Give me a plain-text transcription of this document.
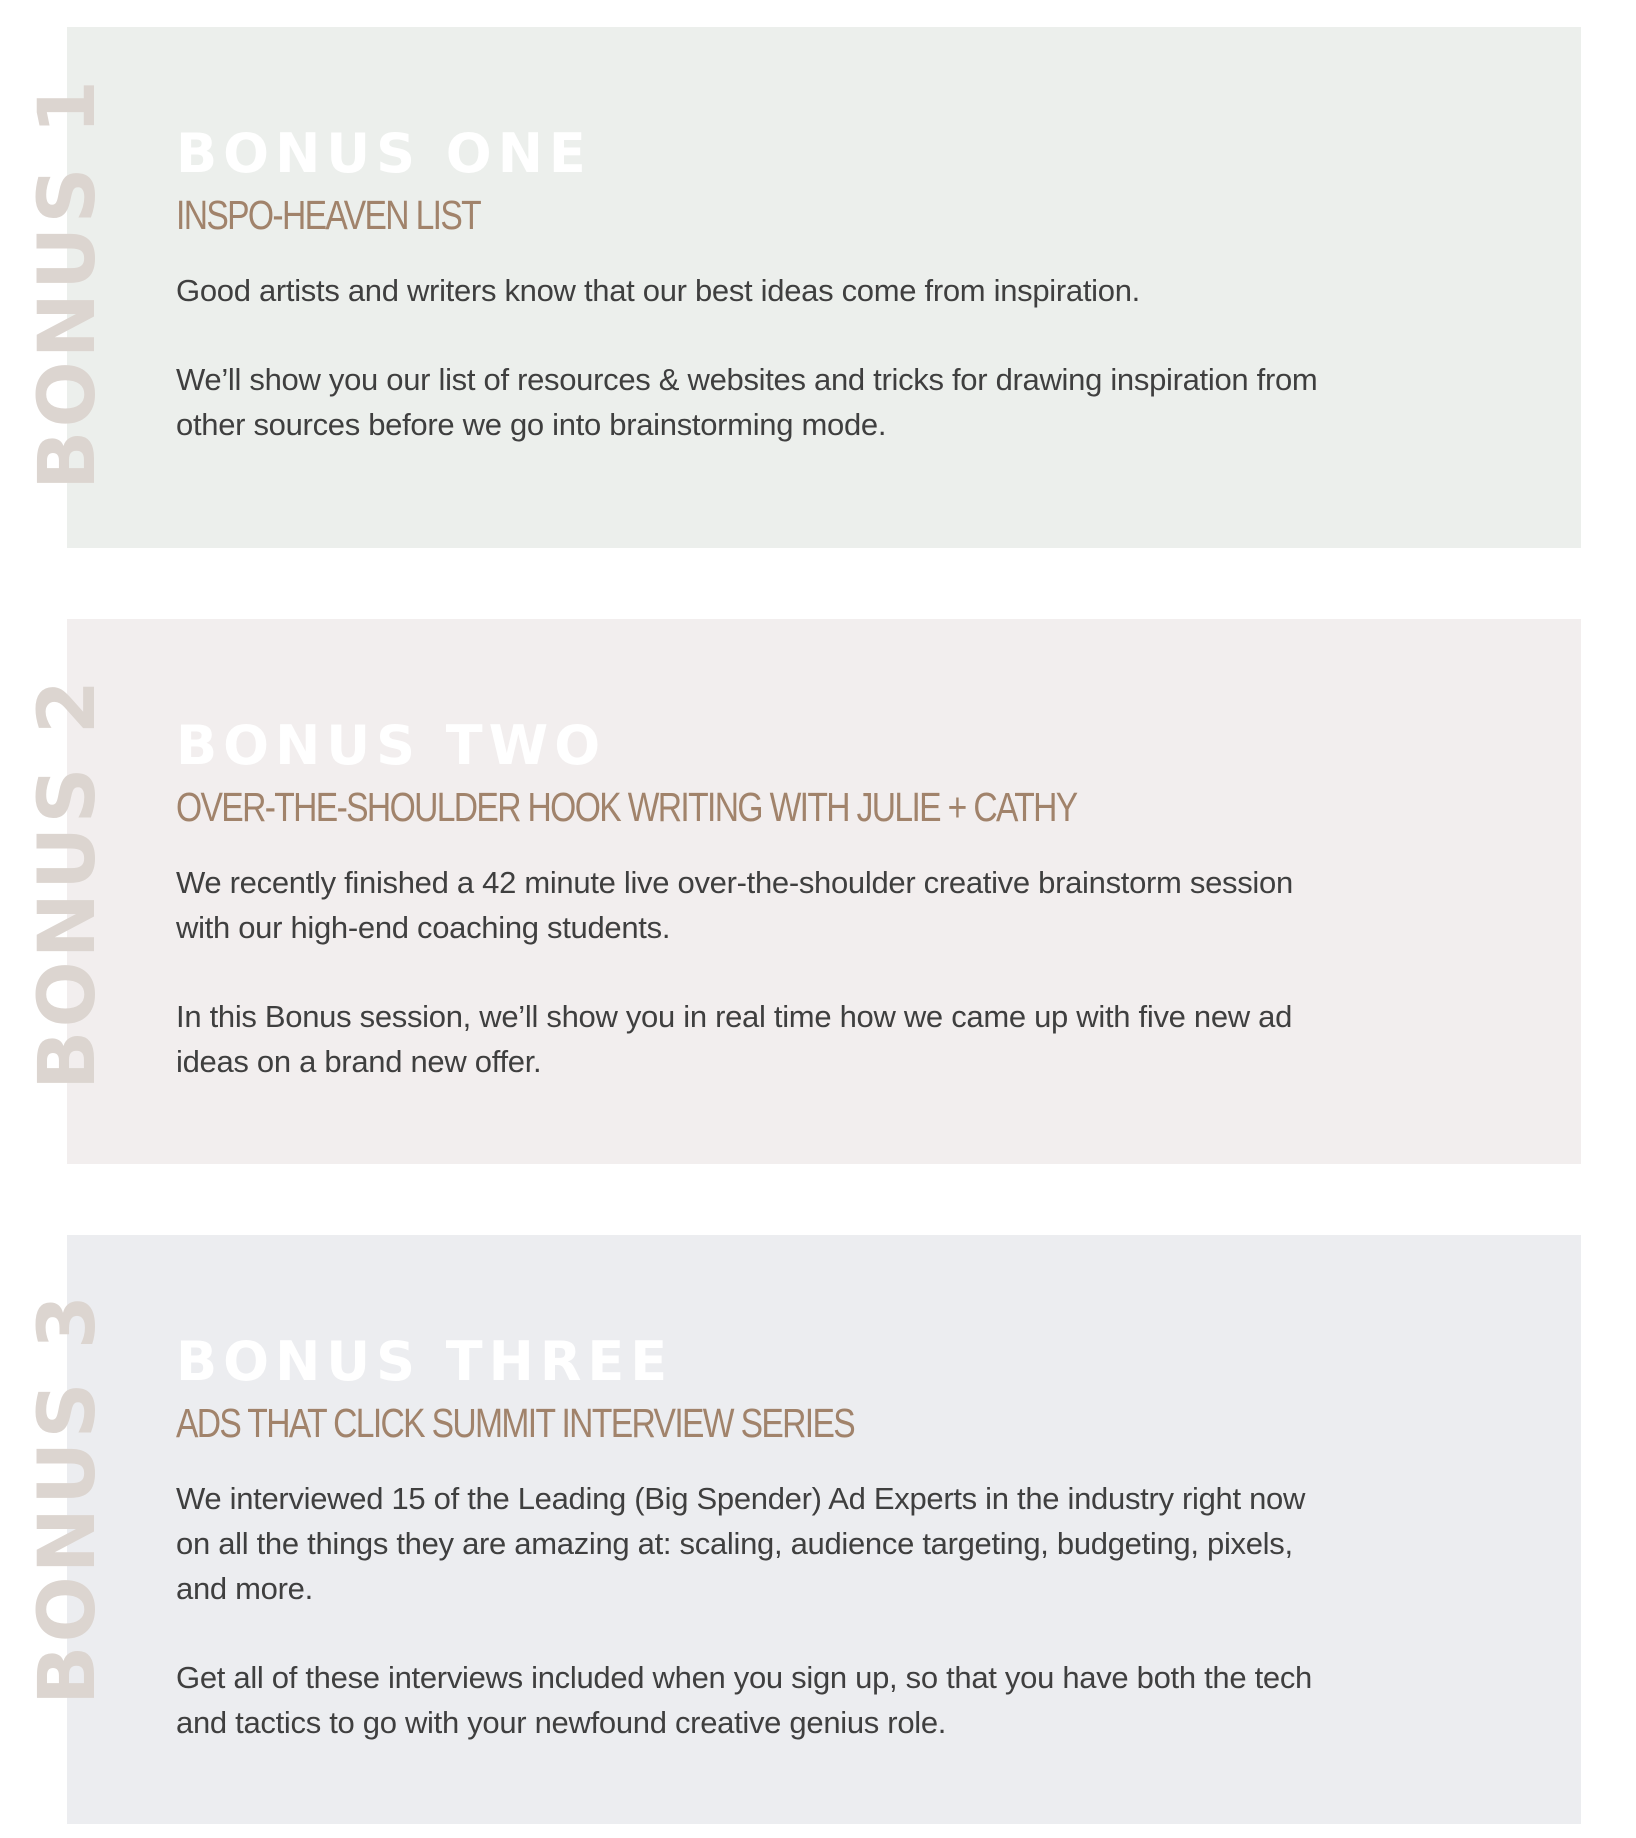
BONUS ONE
INSPO-HEAVEN LIST

Good artists and writers know that our best ideas come from inspiration.

We’ll show you our list of resources & websites and tricks for drawing inspiration from other sources before we go into brainstorming mode.

BONUS TWO
OVER-THE-SHOULDER HOOK WRITING WITH JULIE + CATHY

We recently finished a 42 minute live over-the-shoulder creative brainstorm session with our high-end coaching students.

In this Bonus session, we’ll show you in real time how we came up with five new ad ideas on a brand new offer.

BONUS THREE
ADS THAT CLICK SUMMIT INTERVIEW SERIES

We interviewed 15 of the Leading (Big Spender) Ad Experts in the industry right now on all the things they are amazing at: scaling, audience targeting, budgeting, pixels, and more.

Get all of these interviews included when you sign up, so that you have both the tech and tactics to go with your newfound creative genius role.

BONUS 1
BONUS 2
BONUS 3
